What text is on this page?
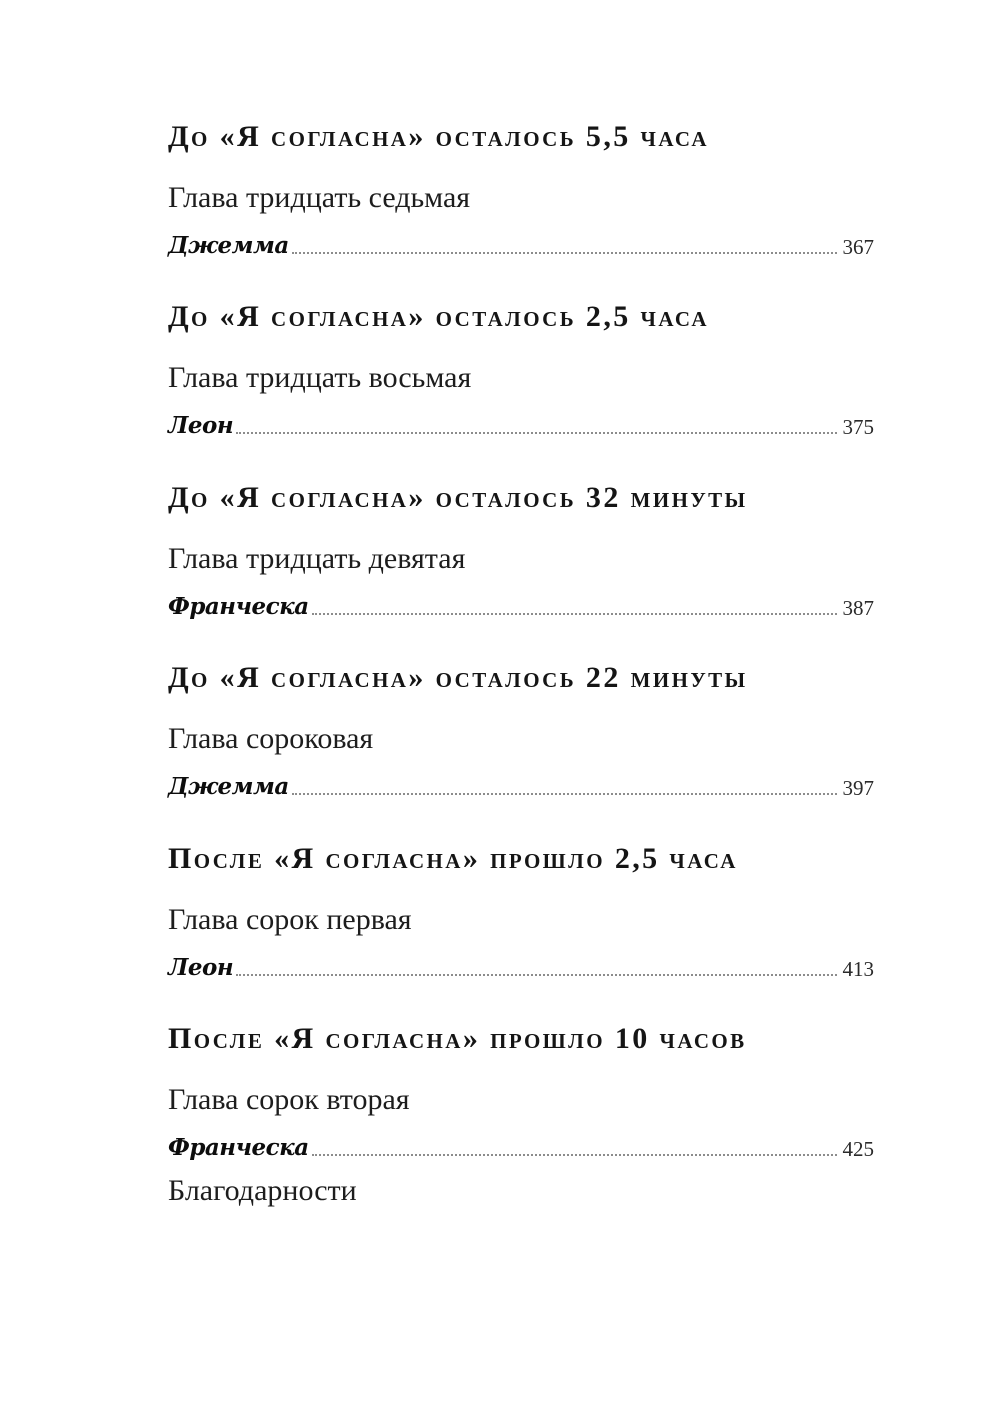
До «Я согласна» осталось 5,5 часа
Глава тридцать седьмая
Джемма	367
До «Я согласна» осталось 2,5 часа
Глава тридцать восьмая
Леон	375
До «Я согласна» осталось 32 минуты
Глава тридцать девятая
Франческа	387
До «Я согласна» осталось 22 минуты
Глава сороковая
Джемма	397
После «Я согласна» прошло 2,5 часа
Глава сорок первая
Леон	413
После «Я согласна» прошло 10 часов
Глава сорок вторая
Франческа	425
Благодарности
